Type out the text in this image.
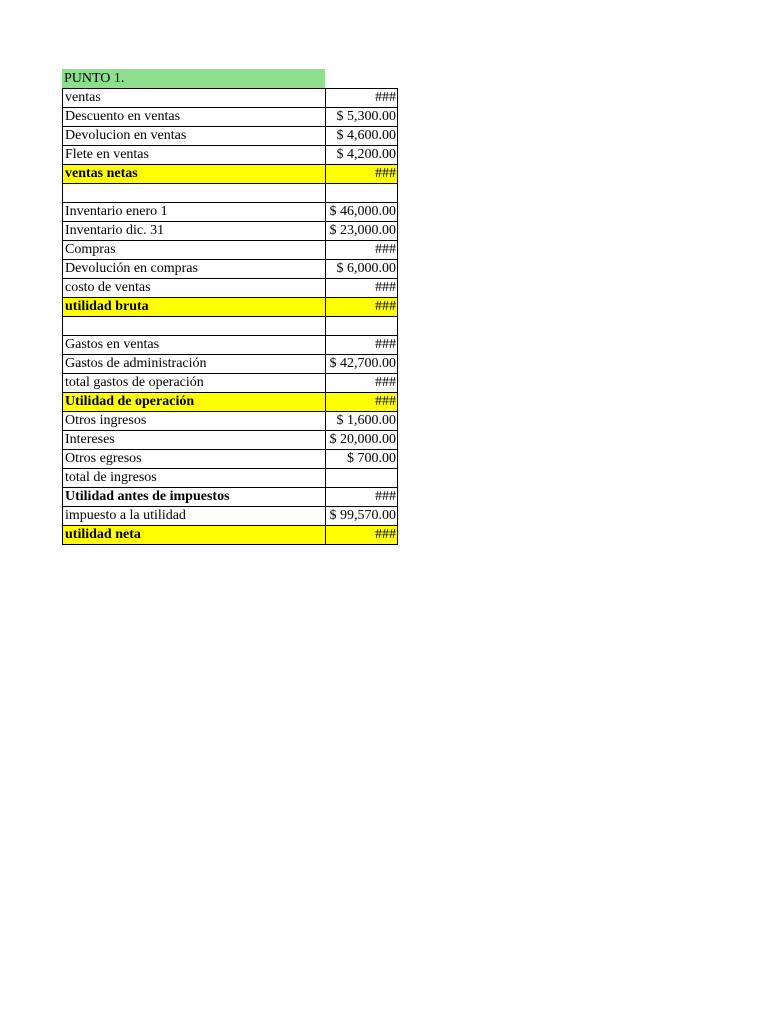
PUNTO 1.
ventas	###
Descuento en ventas	$ 5,300.00
Devolucion en ventas	$ 4,600.00
Flete en ventas	$ 4,200.00
ventas netas	###

Inventario enero 1	$ 46,000.00
Inventario dic. 31	$ 23,000.00
Compras	###
Devolución en compras	$ 6,000.00
costo de ventas	###
utilidad bruta	###

Gastos en ventas	###
Gastos de administración	$ 42,700.00
total gastos de operación	###
Utilidad de operación	###
Otros ingresos	$ 1,600.00
Intereses	$ 20,000.00
Otros egresos	$ 700.00
total de ingresos	
Utilidad antes de impuestos	###
impuesto a la utilidad	$ 99,570.00
utilidad neta	###
